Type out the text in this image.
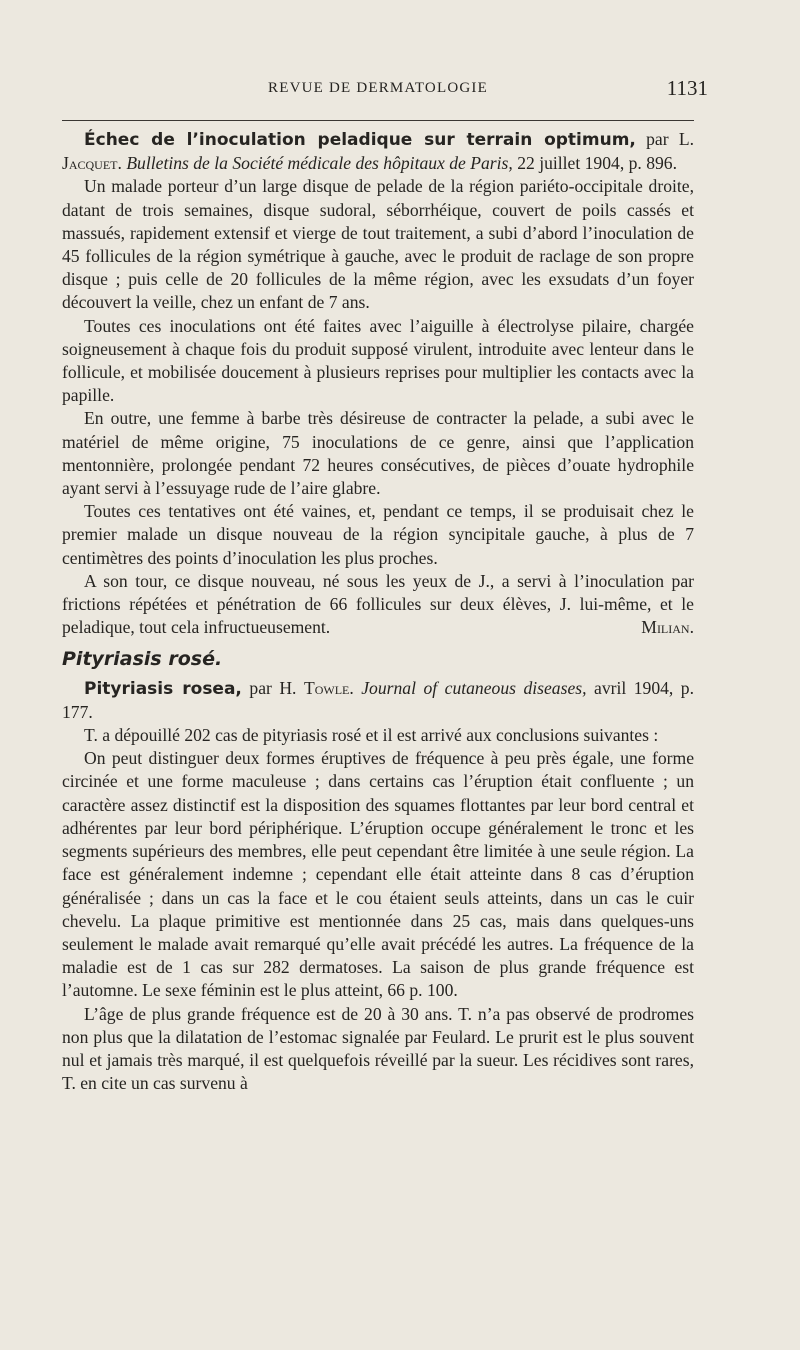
REVUE DE DERMATOLOGIE	1131

Échec de l’inoculation peladique sur terrain optimum, par L. Jacquet. Bulletins de la Société médicale des hôpitaux de Paris, 22 juillet 1904, p. 896.

Un malade porteur d’un large disque de pelade de la région pariéto-occipitale droite, datant de trois semaines, disque sudoral, séborrhéique, couvert de poils cassés et massués, rapidement extensif et vierge de tout traitement, a subi d’abord l’inoculation de 45 follicules de la région symétrique à gauche, avec le produit de raclage de son propre disque ; puis celle de 20 follicules de la même région, avec les exsudats d’un foyer découvert la veille, chez un enfant de 7 ans.

Toutes ces inoculations ont été faites avec l’aiguille à électrolyse pilaire, chargée soigneusement à chaque fois du produit supposé virulent, introduite avec lenteur dans le follicule, et mobilisée doucement à plusieurs reprises pour multiplier les contacts avec la papille.

En outre, une femme à barbe très désireuse de contracter la pelade, a subi avec le matériel de même origine, 75 inoculations de ce genre, ainsi que l’application mentonnière, prolongée pendant 72 heures consécutives, de pièces d’ouate hydrophile ayant servi à l’essuyage rude de l’aire glabre.

Toutes ces tentatives ont été vaines, et, pendant ce temps, il se produisait chez le premier malade un disque nouveau de la région syncipitale gauche, à plus de 7 centimètres des points d’inoculation les plus proches.

A son tour, ce disque nouveau, né sous les yeux de J., a servi à l’inoculation par frictions répétées et pénétration de 66 follicules sur deux élèves, J. lui-même, et le peladique, tout cela infructueusement.	Milian.

Pityriasis rosé.

Pityriasis rosea, par H. Towle. Journal of cutaneous diseases, avril 1904, p. 177.

T. a dépouillé 202 cas de pityriasis rosé et il est arrivé aux conclusions suivantes :

On peut distinguer deux formes éruptives de fréquence à peu près égale, une forme circinée et une forme maculeuse ; dans certains cas l’éruption était confluente ; un caractère assez distinctif est la disposition des squames flottantes par leur bord central et adhérentes par leur bord périphérique. L’éruption occupe généralement le tronc et les segments supérieurs des membres, elle peut cependant être limitée à une seule région. La face est généralement indemne ; cependant elle était atteinte dans 8 cas d’éruption généralisée ; dans un cas la face et le cou étaient seuls atteints, dans un cas le cuir chevelu. La plaque primitive est mentionnée dans 25 cas, mais dans quelques-uns seulement le malade avait remarqué qu’elle avait précédé les autres. La fréquence de la maladie est de 1 cas sur 282 dermatoses. La saison de plus grande fréquence est l’automne. Le sexe féminin est le plus atteint, 66 p. 100.

L’âge de plus grande fréquence est de 20 à 30 ans. T. n’a pas observé de prodromes non plus que la dilatation de l’estomac signalée par Feulard. Le prurit est le plus souvent nul et jamais très marqué, il est quelquefois réveillé par la sueur. Les récidives sont rares, T. en cite un cas survenu à
